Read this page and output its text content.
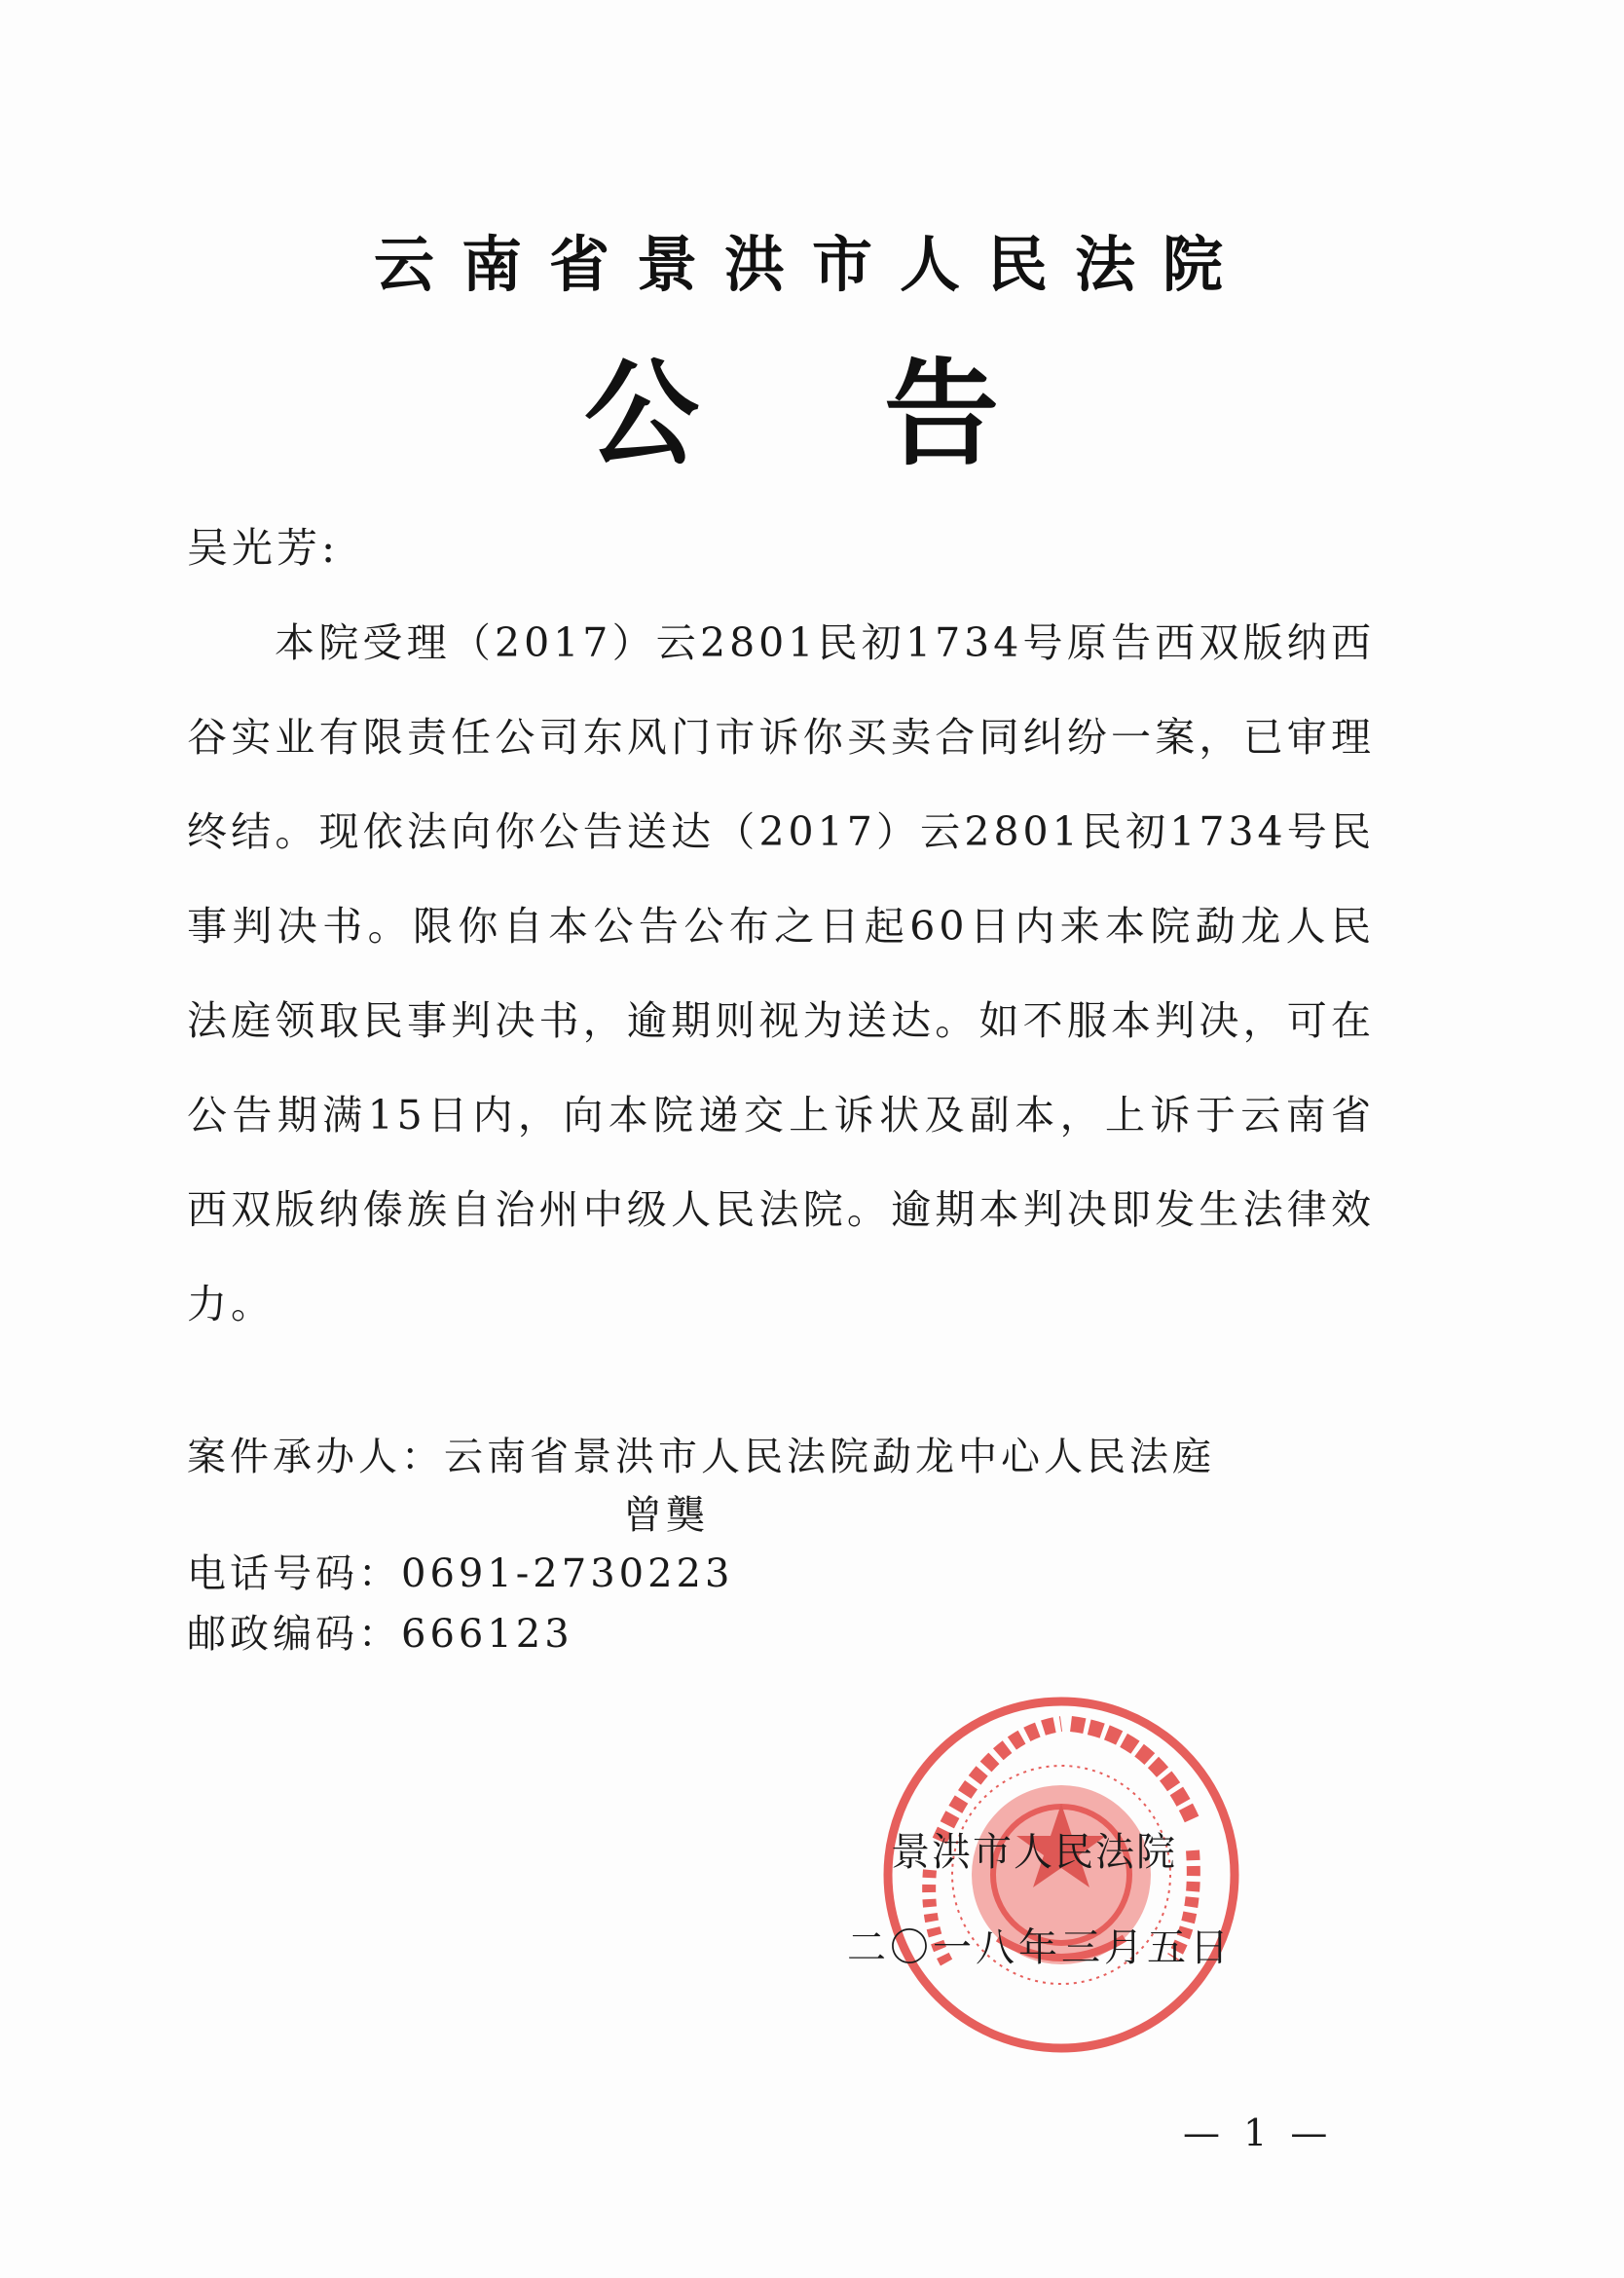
云南省景洪市人民法院
公 告
吴光芳:
本院受理（2017）云2801民初1734号原告西双版纳西谷实业有限责任公司东风门市诉你买卖合同纠纷一案，已审理终结。现依法向你公告送达（2017）云2801民初1734号民事判决书。限你自本公告公布之日起60日内来本院勐龙人民法庭领取民事判决书，逾期则视为送达。如不服本判决，可在公告期满15日内，向本院递交上诉状及副本，上诉于云南省西双版纳傣族自治州中级人民法院。逾期本判决即发生法律效力。
案件承办人：云南省景洪市人民法院勐龙中心人民法庭
曾龑
电话号码：0691-2730223
邮政编码：666123
景洪市人民法院
二〇一八年三月五日
— 1 —
